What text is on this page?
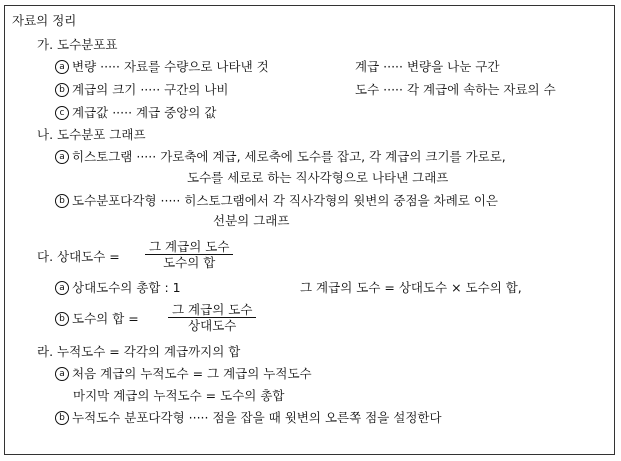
자료의 정리
가. 도수분포표
a 변량 ····· 자료를 수량으로 나타낸 것	계급 ····· 변량을 나눈 구간
b 계급의 크기 ····· 구간의 나비	도수 ····· 각 계급에 속하는 자료의 수
c 계급값 ····· 계급 중앙의 값
나. 도수분포 그래프
a 히스토그램 ····· 가로축에 계급, 세로축에 도수를 잡고, 각 계급의 크기를 가로로,
도수를 세로로 하는 직사각형으로 나타낸 그래프
b 도수분포다각형 ····· 히스토그램에서 각 직사각형의 윗변의 중점을 차례로 이은
선분의 그래프
다. 상대도수 =
그 계급의 도수
도수의 합
a 상대도수의 총합 : 1	그 계급의 도수 = 상대도수 × 도수의 합,
b 도수의 합 =
그 계급의 도수
상대도수
라. 누적도수 = 각각의 계급까지의 합
a 처음 계급의 누적도수 = 그 계급의 누적도수
마지막 계급의 누적도수 = 도수의 총합
b 누적도수 분포다각형 ····· 점을 잡을 때 윗변의 오른쪽 점을 설정한다
